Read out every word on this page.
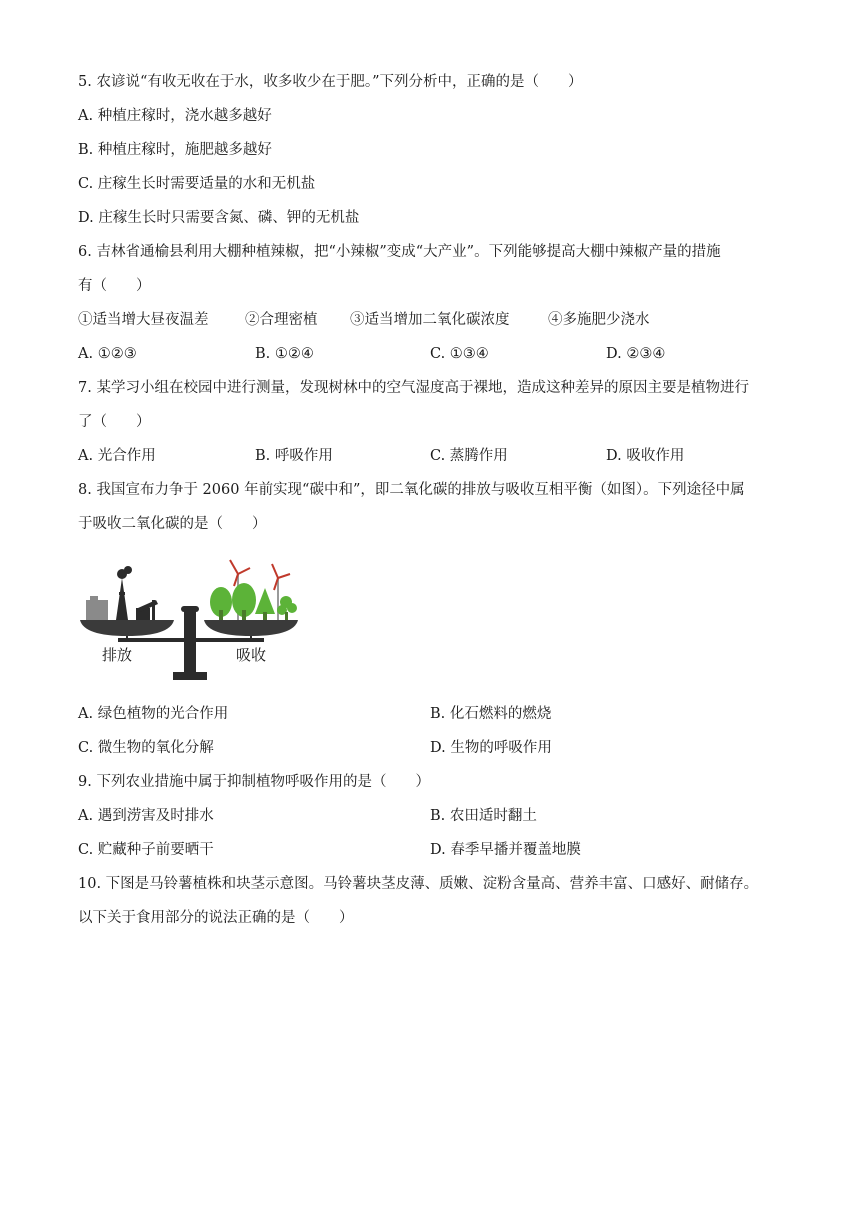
5. 农谚说“有收无收在于水，收多收少在于肥。”下列分析中，正确的是（　　）
A. 种植庄稼时，浇水越多越好
B. 种植庄稼时，施肥越多越好
C. 庄稼生长时需要适量的水和无机盐
D. 庄稼生长时只需要含氮、磷、钾的无机盐
6. 吉林省通榆县利用大棚种植辣椒，把“小辣椒”变成“大产业”。下列能够提高大棚中辣椒产量的措施
有（　　）
①适当增大昼夜温差	②合理密植 ③适当增加二氧化碳浓度	④多施肥少浇水
A. ①②③	B. ①②④	C. ①③④	D. ②③④
7. 某学习小组在校园中进行测量，发现树林中的空气湿度高于裸地，造成这种差异的原因主要是植物进行
了（　　）
A. 光合作用	B. 呼吸作用	C. 蒸腾作用	D. 吸收作用
8. 我国宣布力争于 2060 年前实现“碳中和”，即二氧化碳的排放与吸收互相平衡（如图）。下列途径中属
于吸收二氧化碳的是（　　）
排放	吸收
A. 绿色植物的光合作用	B. 化石燃料的燃烧
C. 微生物的氧化分解	D. 生物的呼吸作用
9. 下列农业措施中属于抑制植物呼吸作用的是（　　）
A. 遇到涝害及时排水	B. 农田适时翻土
C. 贮藏种子前要晒干	D. 春季早播并覆盖地膜
10. 下图是马铃薯植株和块茎示意图。马铃薯块茎皮薄、质嫩、淀粉含量高、营养丰富、口感好、耐储存。
以下关于食用部分的说法正确的是（　　）
